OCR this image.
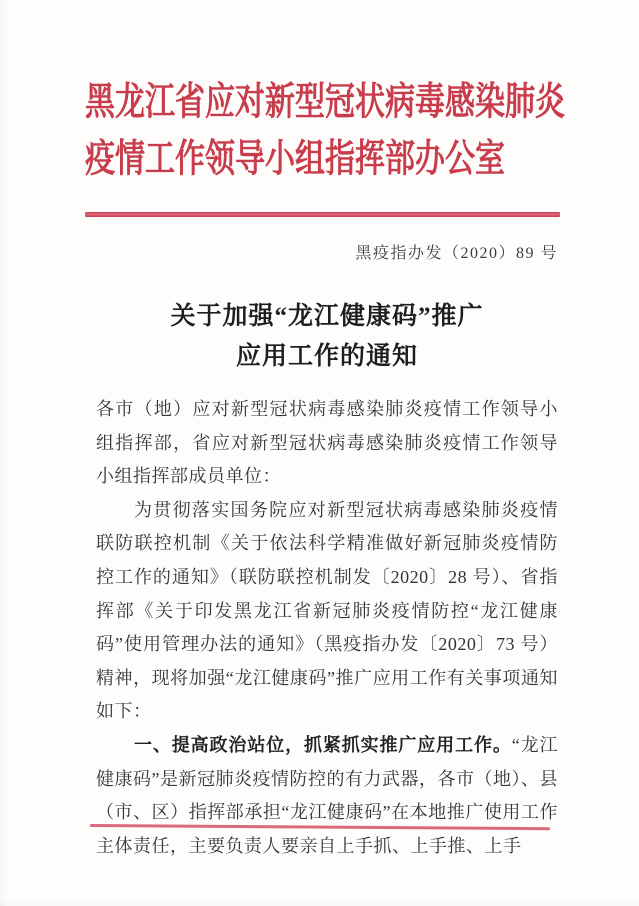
黑龙江省应对新型冠状病毒感染肺炎
疫情工作领导小组指挥部办公室
黑疫指办发（2020）89 号
关于加强“龙江健康码”推广
应用工作的通知

各市（地）应对新型冠状病毒感染肺炎疫情工作领导小组指挥部，省应对新型冠状病毒感染肺炎疫情工作领导小组指挥部成员单位：

为贯彻落实国务院应对新型冠状病毒感染肺炎疫情联防联控机制《关于依法科学精准做好新冠肺炎疫情防控工作的通知》（联防联控机制发〔2020〕28 号）、省指挥部《关于印发黑龙江省新冠肺炎疫情防控“龙江健康码”使用管理办法的通知》（黑疫指办发〔2020〕73 号）精神，现将加强“龙江健康码”推广应用工作有关事项通知如下：

一、提高政治站位，抓紧抓实推广应用工作。“龙江健康码”是新冠肺炎疫情防控的有力武器，各市（地）、县（市、区）指挥部承担“龙江健康码”在本地推广使用工作主体责任，主要负责人要亲自上手抓、上手推、上手
